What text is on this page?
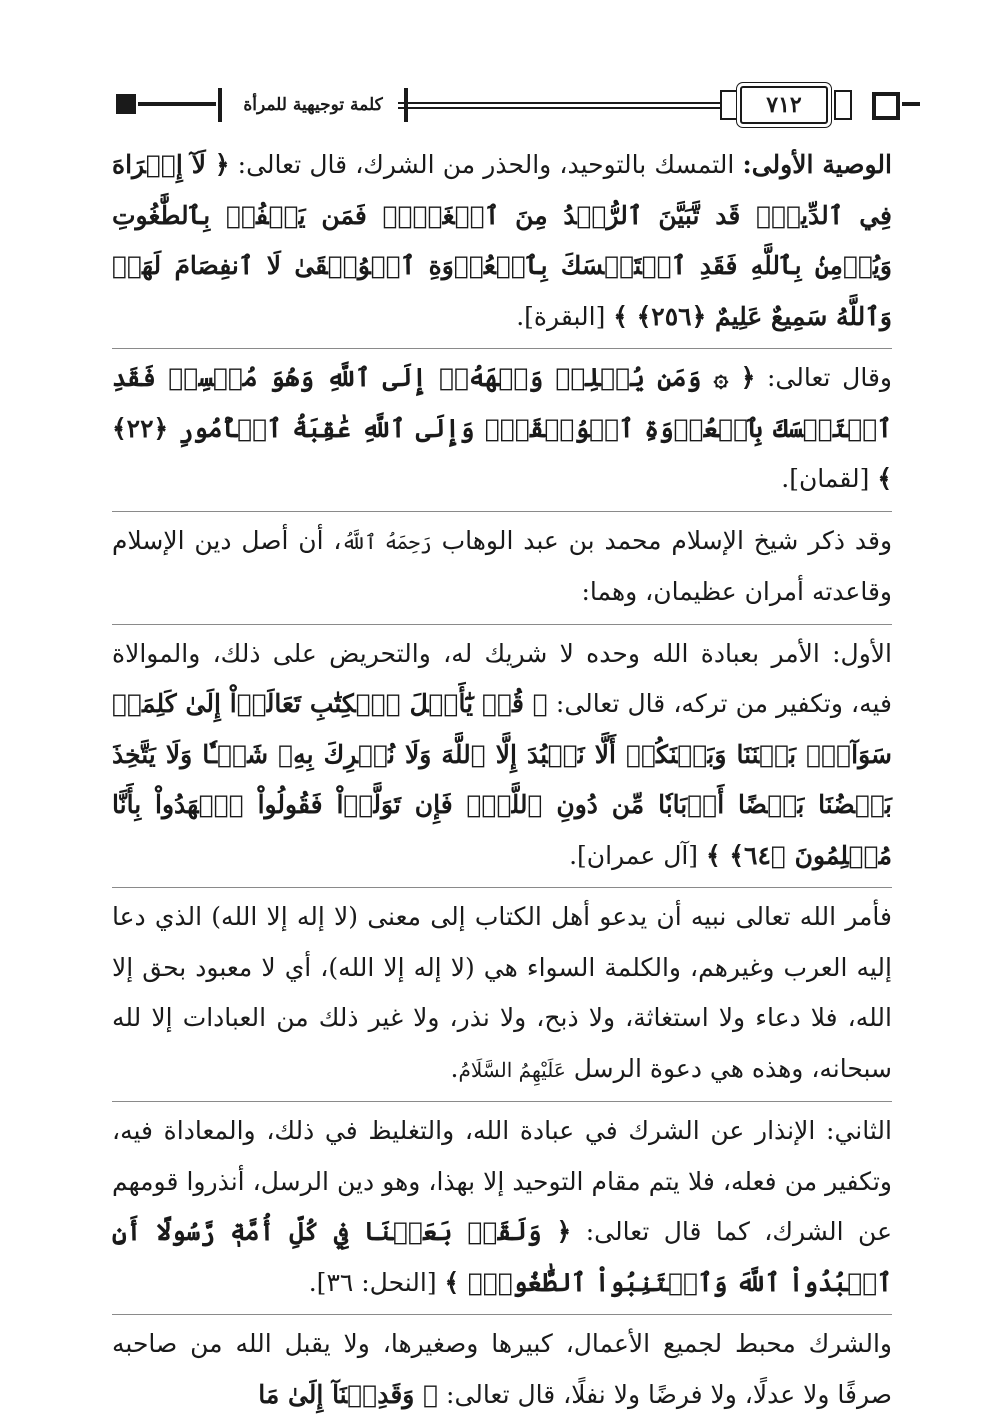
كلمة توجيهية للمرأة	٧١٢

الوصية الأولى: التمسك بالتوحيد، والحذر من الشرك، قال تعالى: ﴿ لَآ إِكۡرَاهَ فِي ٱلدِّينِۖ قَد تَّبَيَّنَ ٱلرُّشۡدُ مِنَ ٱلۡغَيِّۚ فَمَن يَكۡفُرۡ بِٱلطَّٰغُوتِ وَيُؤۡمِنۢ بِٱللَّهِ فَقَدِ ٱسۡتَمۡسَكَ بِٱلۡعُرۡوَةِ ٱلۡوُثۡقَىٰ لَا ٱنفِصَامَ لَهَاۗ وَٱللَّهُ سَمِيعٌ عَلِيمٌ ﴿٢٥٦﴾ ﴾ [البقرة].

وقال تعالى: ﴿ ۞ وَمَن يُسۡلِمۡ وَجۡهَهُۥٓ إِلَى ٱللَّهِ وَهُوَ مُحۡسِنٞ فَقَدِ ٱسۡتَمۡسَكَ بِٱلۡعُرۡوَةِ ٱلۡوُثۡقَىٰۗ وَإِلَى ٱللَّهِ عَٰقِبَةُ ٱلۡأُمُورِ ﴿٢٢﴾ ﴾ [لقمان].

وقد ذكر شيخ الإسلام محمد بن عبد الوهاب رَحِمَهُ ٱللَّهُ، أن أصل دين الإسلام وقاعدته أمران عظيمان، وهما:

الأول: الأمر بعبادة الله وحده لا شريك له، والتحريض على ذلك، والموالاة فيه، وتكفير من تركه، قال تعالى: ﴿ قُلۡ يَٰٓأَهۡلَ ٱلۡكِتَٰبِ تَعَالَوۡاْ إِلَىٰ كَلِمَةٖ سَوَآءِۭ بَيۡنَنَا وَبَيۡنَكُمۡ أَلَّا نَعۡبُدَ إِلَّا ٱللَّهَ وَلَا نُشۡرِكَ بِهِۦ شَيۡـٔٗا وَلَا يَتَّخِذَ بَعۡضُنَا بَعۡضًا أَرۡبَابٗا مِّن دُونِ ٱللَّهِۚ فَإِن تَوَلَّوۡاْ فَقُولُواْ ٱشۡهَدُواْ بِأَنَّا مُسۡلِمُونَ ﴿٦٤﴾ ﴾ [آل عمران].

فأمر الله تعالى نبيه أن يدعو أهل الكتاب إلى معنى (لا إله إلا الله) الذي دعا إليه العرب وغيرهم، والكلمة السواء هي (لا إله إلا الله)، أي لا معبود بحق إلا الله، فلا دعاء ولا استغاثة، ولا ذبح، ولا نذر، ولا غير ذلك من العبادات إلا لله سبحانه، وهذه هي دعوة الرسل عَلَيْهِمُ السَّلَامُ.

الثاني: الإنذار عن الشرك في عبادة الله، والتغليظ في ذلك، والمعاداة فيه، وتكفير من فعله، فلا يتم مقام التوحيد إلا بهذا، وهو دين الرسل، أنذروا قومهم عن الشرك، كما قال تعالى: ﴿ وَلَقَدۡ بَعَثۡنَا فِي كُلِّ أُمَّةٖ رَّسُولًا أَنِ ٱعۡبُدُواْ ٱللَّهَ وَٱجۡتَنِبُواْ ٱلطَّٰغُوتَۖ ﴾ [النحل: ٣٦].

والشرك محبط لجميع الأعمال، كبيرها وصغيرها، ولا يقبل الله من صاحبه صرفًا ولا عدلًا، ولا فرضًا ولا نفلًا، قال تعالى: ﴿ وَقَدِمۡنَآ إِلَىٰ مَا
